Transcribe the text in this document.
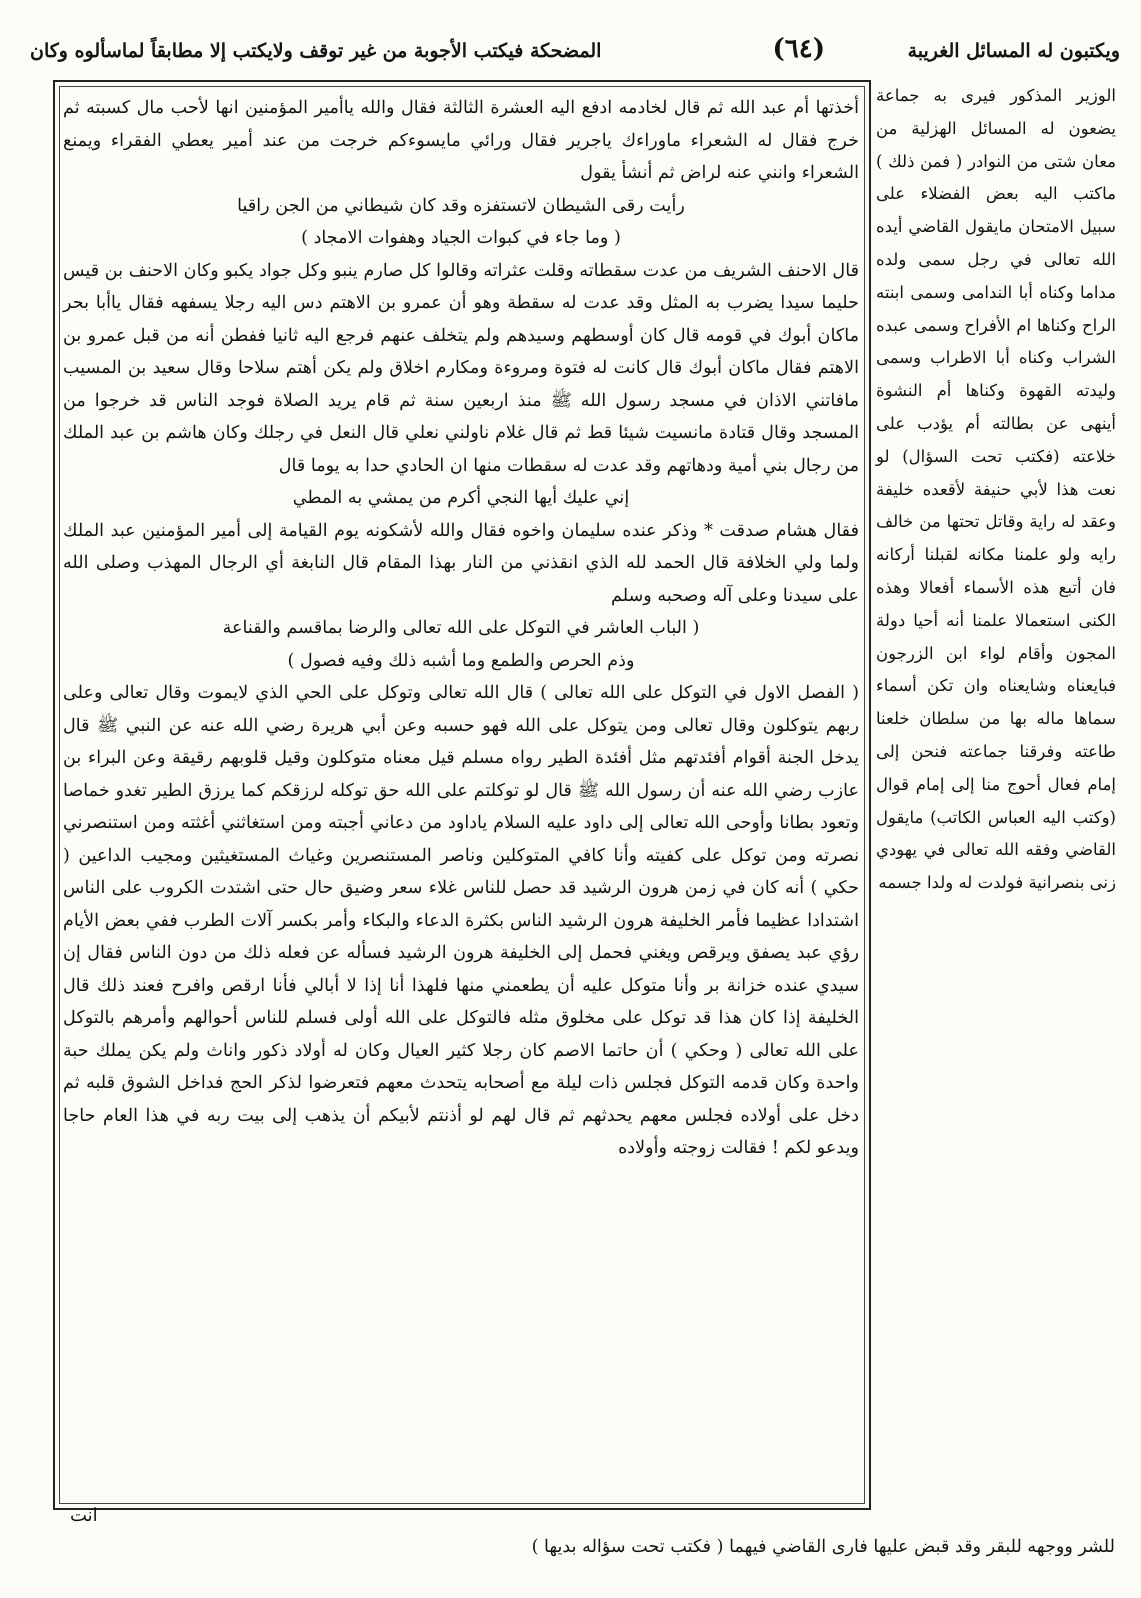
ويكتبون له المسائل الغريبة
(٦٤)
المضحكة فيكتب الأجوبة من غير توقف ولايكتب إلا مطابقاً لماسألوه وكان

أخذتها أم عبد الله ثم قال لخادمه ادفع اليه العشرة الثالثة فقال والله ياأمير المؤمنين انها لأحب مال كسبته ثم خرج فقال له الشعراء ماوراءك ياجرير فقال ورائي مايسوءكم خرجت من عند أمير يعطي الفقراء ويمنع الشعراء وانني عنه لراض ثم أنشأ يقول

رأيت رقى الشيطان لاتستفزه وقد كان شيطاني من الجن راقيا

( وما جاء في كبوات الجياد وهفوات الامجاد )

قال الاحنف الشريف من عدت سقطاته وقلت عثراته وقالوا كل صارم ينبو وكل جواد يكبو وكان الاحنف بن قيس حليما سيدا يضرب به المثل وقد عدت له سقطة وهو أن عمرو بن الاهتم دس اليه رجلا يسفهه فقال ياأبا بحر ماكان أبوك في قومه قال كان أوسطهم وسيدهم ولم يتخلف عنهم فرجع اليه ثانيا ففطن أنه من قبل عمرو بن الاهتم فقال ماكان أبوك قال كانت له فتوة ومروءة ومكارم اخلاق ولم يكن أهتم سلاحا وقال سعيد بن المسيب مافاتني الاذان في مسجد رسول الله ﷺ منذ اربعين سنة ثم قام يريد الصلاة فوجد الناس قد خرجوا من المسجد وقال قتادة مانسيت شيئا قط ثم قال غلام ناولني نعلي قال النعل في رجلك وكان هاشم بن عبد الملك من رجال بني أمية ودهاتهم وقد عدت له سقطات منها ان الحادي حدا به يوما قال

إني عليك أيها النجي أكرم من يمشي به المطي

فقال هشام صدقت * وذكر عنده سليمان واخوه فقال والله لأشكونه يوم القيامة إلى أمير المؤمنين عبد الملك ولما ولي الخلافة قال الحمد لله الذي انقذني من النار بهذا المقام قال النابغة أي الرجال المهذب وصلى الله على سيدنا وعلى آله وصحبه وسلم

( الباب العاشر في التوكل على الله تعالى والرضا بماقسم والقناعة

وذم الحرص والطمع وما أشبه ذلك وفيه فصول )

( الفصل الاول في التوكل على الله تعالى ) قال الله تعالى وتوكل على الحي الذي لايموت وقال تعالى وعلى ربهم يتوكلون وقال تعالى ومن يتوكل على الله فهو حسبه وعن أبي هريرة رضي الله عنه عن النبي ﷺ قال يدخل الجنة أقوام أفئدتهم مثل أفئدة الطير رواه مسلم قيل معناه متوكلون وقيل قلوبهم رقيقة وعن البراء بن عازب رضي الله عنه أن رسول الله ﷺ قال لو توكلتم على الله حق توكله لرزقكم كما يرزق الطير تغدو خماصا وتعود بطانا وأوحى الله تعالى إلى داود عليه السلام ياداود من دعاني أجبته ومن استغاثني أغثته ومن استنصرني نصرته ومن توكل على كفيته وأنا كافي المتوكلين وناصر المستنصرين وغياث المستغيثين ومجيب الداعين ( حكي ) أنه كان في زمن هرون الرشيد قد حصل للناس غلاء سعر وضيق حال حتى اشتدت الكروب على الناس اشتدادا عظيما فأمر الخليفة هرون الرشيد الناس بكثرة الدعاء والبكاء وأمر بكسر آلات الطرب ففي بعض الأيام رؤي عبد يصفق ويرقص ويغني فحمل إلى الخليفة هرون الرشيد فسأله عن فعله ذلك من دون الناس فقال إن سيدي عنده خزانة بر وأنا متوكل عليه أن يطعمني منها فلهذا أنا إذا لا أبالي فأنا ارقص وافرح فعند ذلك قال الخليفة إذا كان هذا قد توكل على مخلوق مثله فالتوكل على الله أولى فسلم للناس أحوالهم وأمرهم بالتوكل على الله تعالى ( وحكي ) أن حاتما الاصم كان رجلا كثير العيال وكان له أولاد ذكور واناث ولم يكن يملك حبة واحدة وكان قدمه التوكل فجلس ذات ليلة مع أصحابه يتحدث معهم فتعرضوا لذكر الحج فداخل الشوق قلبه ثم دخل على أولاده فجلس معهم يحدثهم ثم قال لهم لو أذنتم لأبيكم أن يذهب إلى بيت ربه في هذا العام حاجا ويدعو لكم ! فقالت زوجته وأولاده

الوزير المذكور فيرى به جماعة يضعون له المسائل الهزلية من معان شتى من النوادر ( فمن ذلك ) ماكتب اليه بعض الفضلاء على سبيل الامتحان مايقول القاضي أيده الله تعالى في رجل سمى ولده مداما وكناه أبا الندامى وسمى ابنته الراح وكناها ام الأفراح وسمى عبده الشراب وكناه أبا الاطراب وسمى وليدته القهوة وكناها أم النشوة أينهى عن بطالته أم يؤدب على خلاعته (فكتب تحت السؤال) لو نعت هذا لأبي حنيفة لأقعده خليفة وعقد له راية وقاتل تحتها من خالف رايه ولو علمنا مكانه لقبلنا أركانه فان أتبع هذه الأسماء أفعالا وهذه الكنى استعمالا علمنا أنه أحيا دولة المجون وأقام لواء ابن الزرجون فبايعناه وشايعناه وان تكن أسماء سماها ماله بها من سلطان خلعنا طاعته وفرقنا جماعته فنحن إلى إمام فعال أحوج منا إلى إمام قوال (وكتب اليه العباس الكاتب) مايقول القاضي وفقه الله تعالى في يهودي زنى بنصرانية فولدت له ولدا جسمه

انت
للشر ووجهه للبقر وقد قبض عليها فارى القاضي فيهما ( فكتب تحت سؤاله بديها )
